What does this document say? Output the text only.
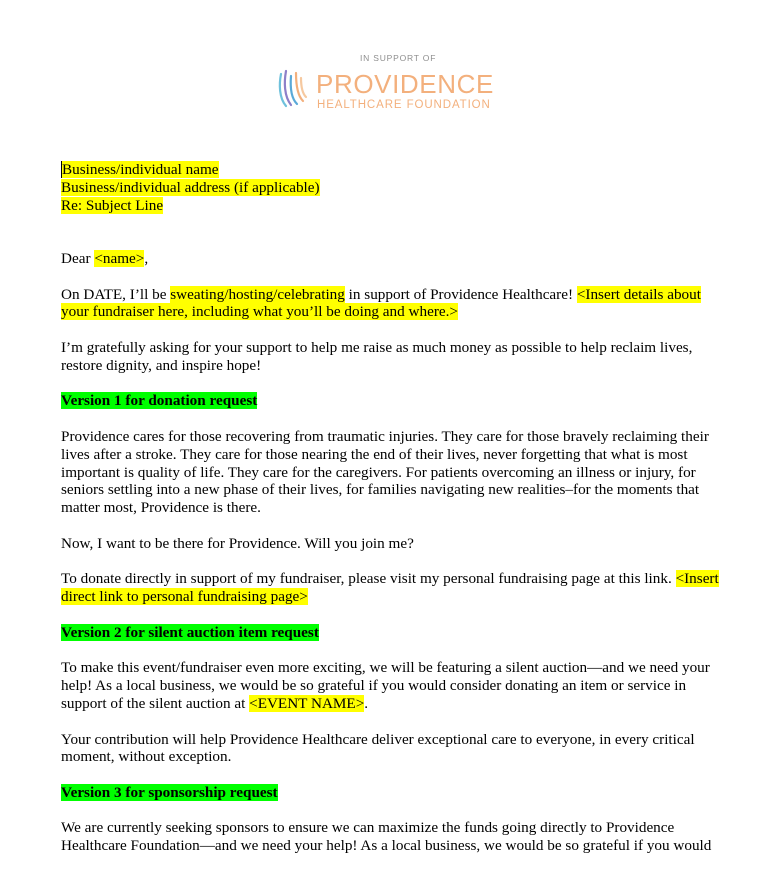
IN SUPPORT OF
PROVIDENCE
HEALTHCARE FOUNDATION

Business/individual name
Business/individual address (if applicable)
Re: Subject Line

Dear <name>,

On DATE, I’ll be sweating/hosting/celebrating in support of Providence Healthcare! <Insert details about your fundraiser here, including what you’ll be doing and where.>

I’m gratefully asking for your support to help me raise as much money as possible to help reclaim lives, restore dignity, and inspire hope!

Version 1 for donation request

Providence cares for those recovering from traumatic injuries. They care for those bravely reclaiming their lives after a stroke. They care for those nearing the end of their lives, never forgetting that what is most important is quality of life. They care for the caregivers. For patients overcoming an illness or injury, for seniors settling into a new phase of their lives, for families navigating new realities–for the moments that matter most, Providence is there.

Now, I want to be there for Providence. Will you join me?

To donate directly in support of my fundraiser, please visit my personal fundraising page at this link. <Insert direct link to personal fundraising page>

Version 2 for silent auction item request

To make this event/fundraiser even more exciting, we will be featuring a silent auction—and we need your help! As a local business, we would be so grateful if you would consider donating an item or service in support of the silent auction at <EVENT NAME>.

Your contribution will help Providence Healthcare deliver exceptional care to everyone, in every critical moment, without exception.

Version 3 for sponsorship request

We are currently seeking sponsors to ensure we can maximize the funds going directly to Providence Healthcare Foundation—and we need your help! As a local business, we would be so grateful if you would
